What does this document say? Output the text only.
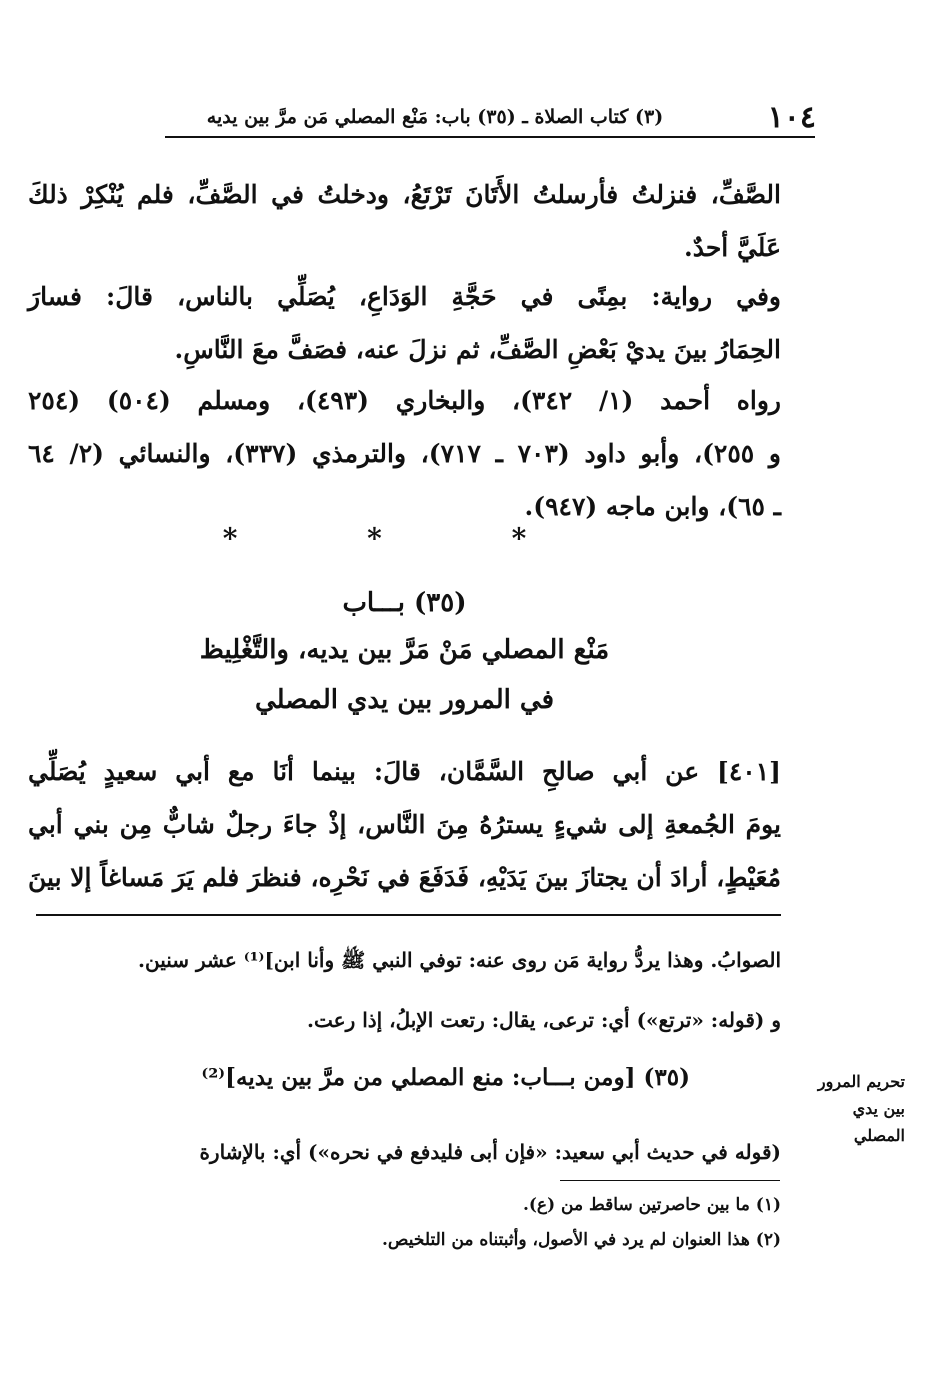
١٠٤
(٣) كتاب الصلاة ـ (٣٥) باب: مَنْع المصلي مَن مرَّ بين يديه
الصَّفِّ، فنزلتُ فأرسلتُ الأَتَانَ تَرْتَعُ، ودخلتُ في الصَّفِّ، فلم يُنْكِرْ ذلكَ
عَلَيَّ أحدٌ.
وفي رواية: بمِنًى في حَجَّةِ الوَدَاعِ، يُصَلِّي بالناس، قالَ: فسارَ
الحِمَارُ بينَ يديْ بَعْضِ الصَّفِّ، ثم نزلَ عنه، فصَفَّ معَ النَّاسِ.
رواه أحمد (١/ ٣٤٢)، والبخاري (٤٩٣)، ومسلم (٥٠٤) (٢٥٤
و ٢٥٥)، وأبو داود (٧٠٣ ـ ٧١٧)، والترمذي (٣٣٧)، والنسائي (٢/ ٦٤
ـ ٦٥)، وابن ماجه (٩٤٧).
* * *
(٣٥) بـــاب
مَنْع المصلي مَنْ مَرَّ بين يديه، والتَّغْلِيظ
في المرور بين يدي المصلي
[٤٠١] عن أبي صالحِ السَّمَّان، قالَ: بينما أنَا مع أبي سعيدٍ يُصَلِّي
يومَ الجُمعةِ إلى شيءٍ يسترُهُ مِنَ النَّاس، إذْ جاءَ رجلٌ شابٌّ مِن بني أبي
مُعَيْطٍ، أرادَ أن يجتازَ بينَ يَدَيْهِ، فَدَفَعَ في نَحْرِه، فنظرَ فلم يَرَ مَساغاً إلا بينَ
الصوابُ. وهذا يردُّ رواية مَن روى عنه: توفي النبي ﷺ وأنا ابن]⁽¹⁾ عشر سنين.
و (قوله: «ترتع») أي: ترعى، يقال: رتعت الإبلُ، إذا رعت.
(٣٥) [ومن بـــاب: منع المصلي من مرَّ بين يديه]⁽²⁾
(قوله في حديث أبي سعيد: «فإن أبى فليدفع في نحره») أي: بالإشارة
تحريم المرور
بين يدي
المصلي
(١) ما بين حاصرتين ساقط من (ع).
(٢) هذا العنوان لم يرد في الأصول، وأثبتناه من التلخيص.
